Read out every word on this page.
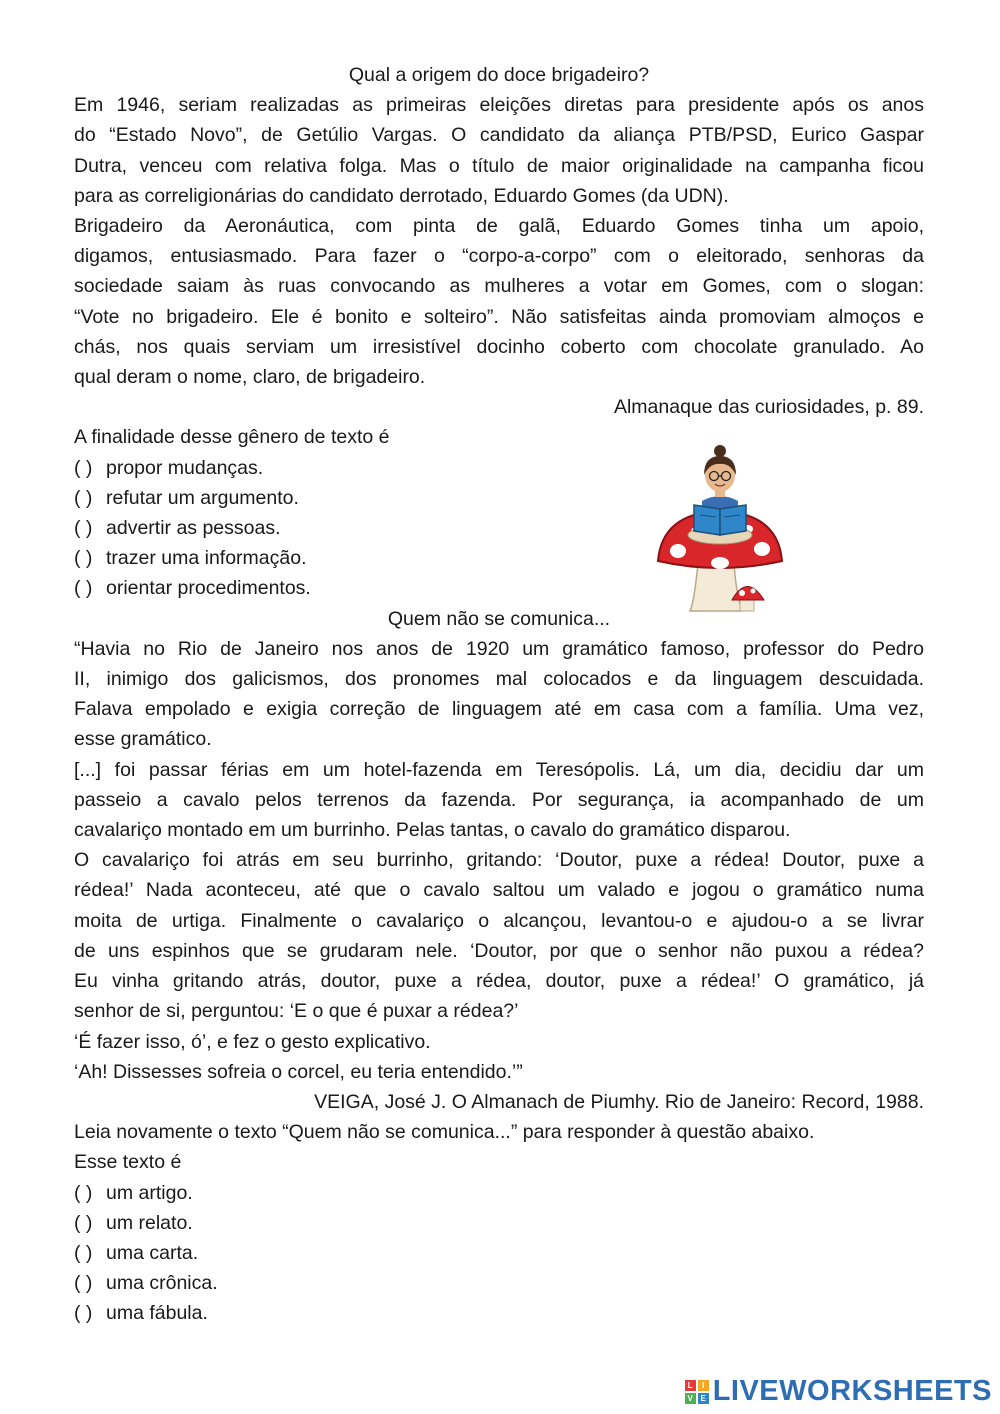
Qual a origem do doce brigadeiro?

Em 1946, seriam realizadas as primeiras eleições diretas para presidente após os anos

do “Estado Novo”, de Getúlio Vargas. O candidato da aliança PTB/PSD, Eurico Gaspar

Dutra, venceu com relativa folga. Mas o título de maior originalidade na campanha ficou

para as correligionárias do candidato derrotado, Eduardo Gomes (da UDN).

Brigadeiro da Aeronáutica, com pinta de galã, Eduardo Gomes tinha um apoio,

digamos, entusiasmado. Para fazer o “corpo-a-corpo” com o eleitorado, senhoras da

sociedade saiam às ruas convocando as mulheres a votar em Gomes, com o slogan:

“Vote no brigadeiro. Ele é bonito e solteiro”. Não satisfeitas ainda promoviam almoços e

chás, nos quais serviam um irresistível docinho coberto com chocolate granulado. Ao

qual deram o nome, claro, de brigadeiro.

Almanaque das curiosidades, p. 89.

A finalidade desse gênero de texto é

( ) propor mudanças.
( ) refutar um argumento.
( ) advertir as pessoas.
( ) trazer uma informação.
( ) orientar procedimentos.

Quem não se comunica...

“Havia no Rio de Janeiro nos anos de 1920 um gramático famoso, professor do Pedro

II, inimigo dos galicismos, dos pronomes mal colocados e da linguagem descuidada.

Falava empolado e exigia correção de linguagem até em casa com a família. Uma vez,

esse gramático.

[...] foi passar férias em um hotel-fazenda em Teresópolis. Lá, um dia, decidiu dar um

passeio a cavalo pelos terrenos da fazenda. Por segurança, ia acompanhado de um

cavalariço montado em um burrinho. Pelas tantas, o cavalo do gramático disparou.

O cavalariço foi atrás em seu burrinho, gritando: ‘Doutor, puxe a rédea! Doutor, puxe a

rédea!’ Nada aconteceu, até que o cavalo saltou um valado e jogou o gramático numa

moita de urtiga. Finalmente o cavalariço o alcançou, levantou-o e ajudou-o a se livrar

de uns espinhos que se grudaram nele. ‘Doutor, por que o senhor não puxou a rédea?

Eu vinha gritando atrás, doutor, puxe a rédea, doutor, puxe a rédea!’ O gramático, já

senhor de si, perguntou: ‘E o que é puxar a rédea?’

‘É fazer isso, ó’, e fez o gesto explicativo.

‘Ah! Dissesses sofreia o corcel, eu teria entendido.’”

VEIGA, José J. O Almanach de Piumhy. Rio de Janeiro: Record, 1988.

Leia novamente o texto “Quem não se comunica...” para responder à questão abaixo.

Esse texto é

( ) um artigo.
( ) um relato.
( ) uma carta.
( ) uma crônica.
( ) uma fábula.
L	I
V E LIVEWORKSHEETS
